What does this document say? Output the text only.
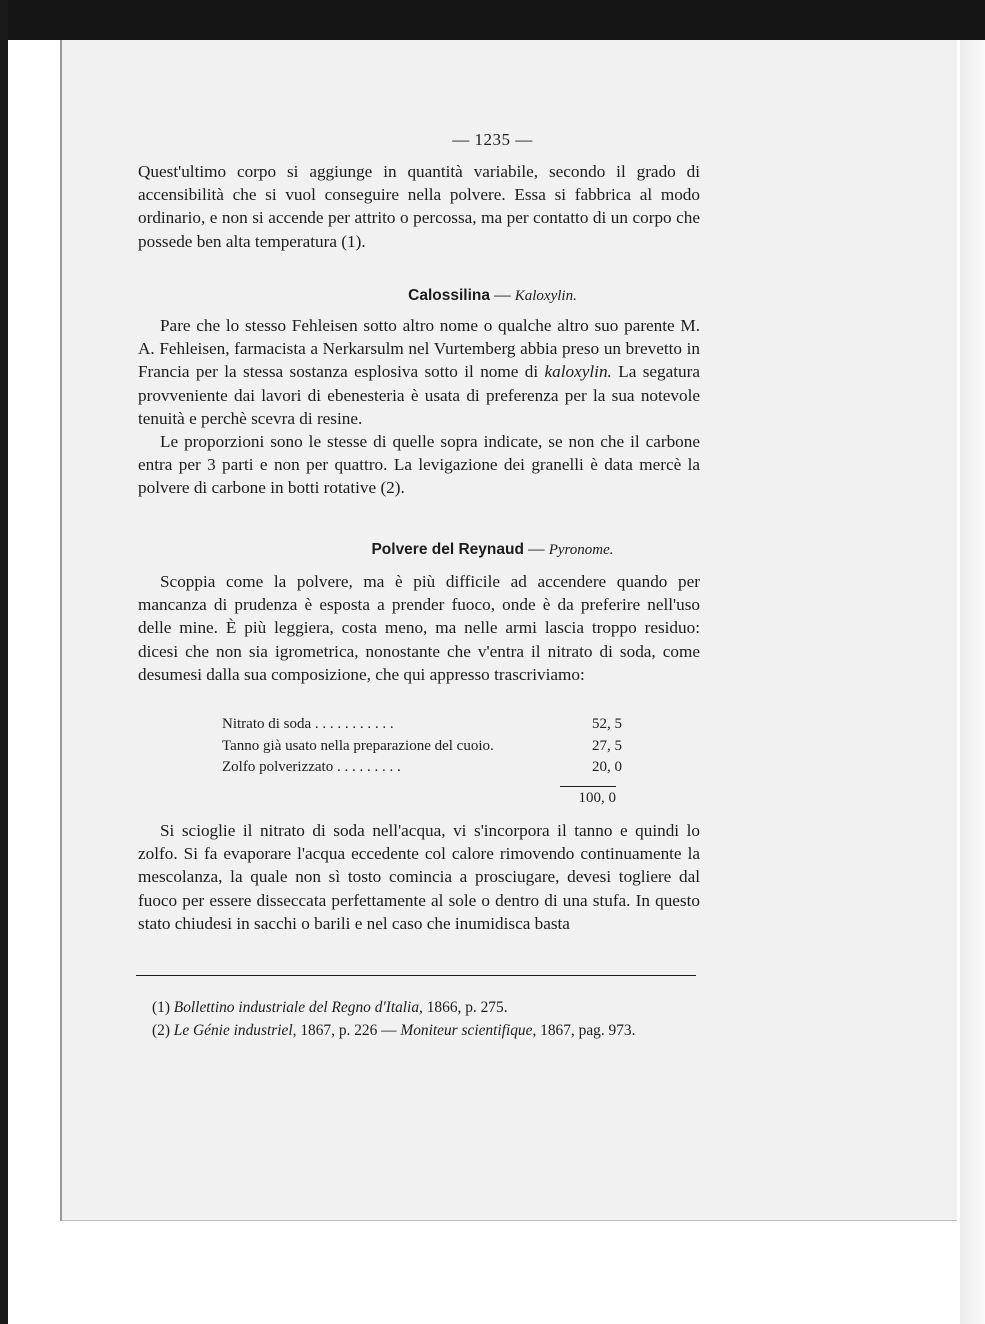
— 1235 —

Quest'ultimo corpo si aggiunge in quantità variabile, secondo il grado di accensibilità che si vuol conseguire nella polvere. Essa si fabbrica al modo ordinario, e non si accende per attrito o percossa, ma per contatto di un corpo che possede ben alta temperatura (1).

Calossilina — Kaloxylin.

Pare che lo stesso Fehleisen sotto altro nome o qualche altro suo parente M. A. Fehleisen, farmacista a Nerkarsulm nel Vurtemberg abbia preso un brevetto in Francia per la stessa sostanza esplosiva sotto il nome di kaloxylin. La segatura provveniente dai lavori di ebenesteria è usata di preferenza per la sua notevole tenuità e perchè scevra di resine.

Le proporzioni sono le stesse di quelle sopra indicate, se non che il carbone entra per 3 parti e non per quattro. La levigazione dei granelli è data mercè la polvere di carbone in botti rotative (2).

Polvere del Reynaud — Pyronome.

Scoppia come la polvere, ma è più difficile ad accendere quando per mancanza di prudenza è esposta a prender fuoco, onde è da preferire nell'uso delle mine. È più leggiera, costa meno, ma nelle armi lascia troppo residuo: dicesi che non sia igrometrica, nonostante che v'entra il nitrato di soda, come desumesi dalla sua composizione, che qui appresso trascriviamo:

Nitrato di soda . . . . . . . . . . .	52, 5
Tanno già usato nella preparazione del cuoio.	27, 5
Zolfo polverizzato . . . . . . . . .	20, 0
100, 0

Si scioglie il nitrato di soda nell'acqua, vi s'incorpora il tanno e quindi lo zolfo. Si fa evaporare l'acqua eccedente col calore rimovendo continuamente la mescolanza, la quale non sì tosto comincia a prosciugare, devesi togliere dal fuoco per essere disseccata perfettamente al sole o dentro di una stufa. In questo stato chiudesi in sacchi o barili e nel caso che inumidisca basta

(1) Bollettino industriale del Regno d'Italia, 1866, p. 275.

(2) Le Génie industriel, 1867, p. 226 — Moniteur scientifique, 1867, pag. 973.
